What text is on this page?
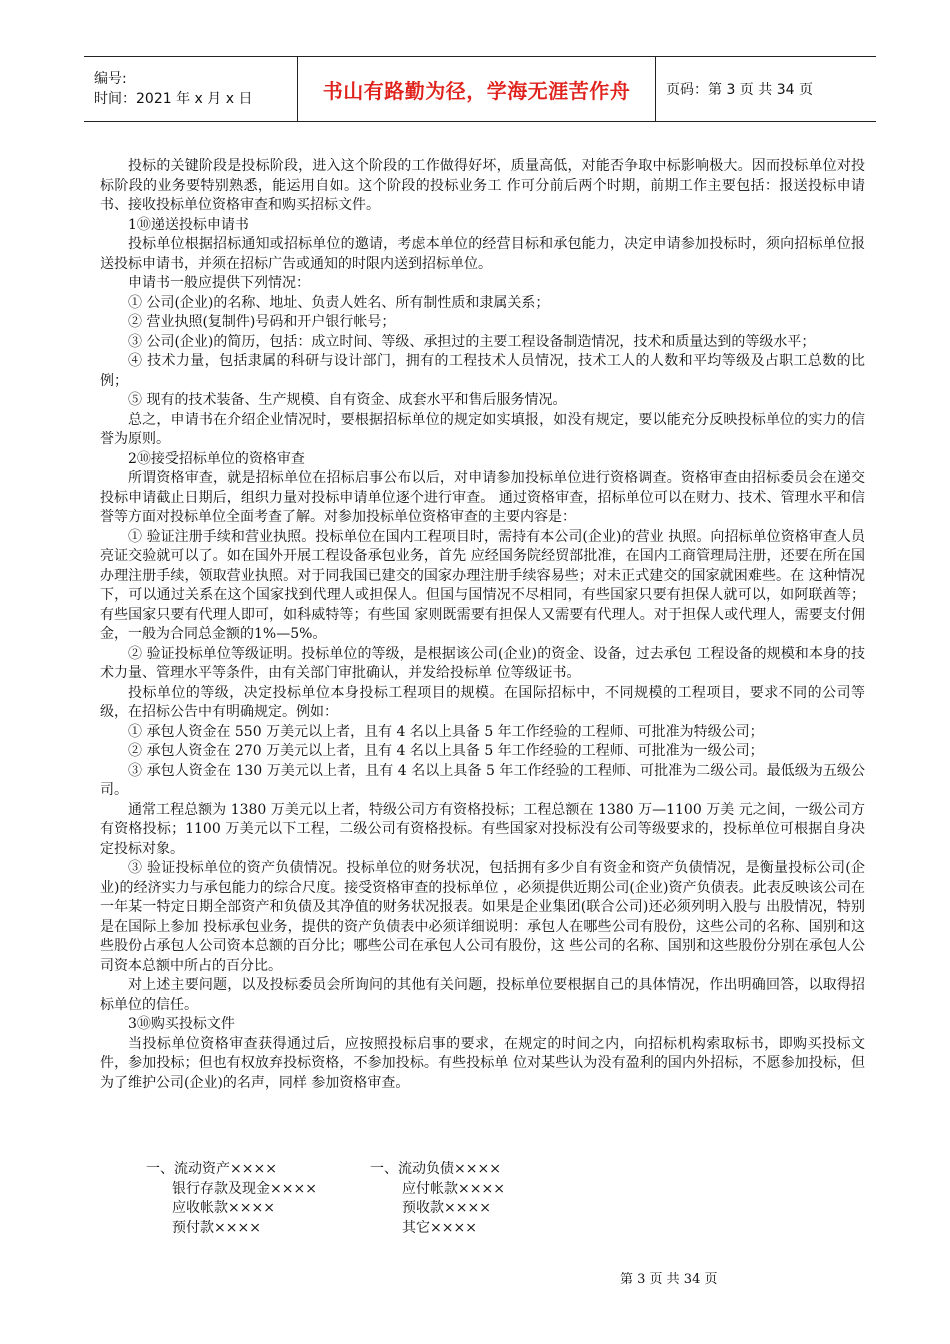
编号:
时间：2021 年 x 月 x 日	书山有路勤为径，学海无涯苦作舟	页码：第 3 页 共 34 页

投标的关键阶段是投标阶段，进入这个阶段的工作做得好坏，质量高低，对能否争取中标影响极大。因而投标单位对投标阶段的业务要特别熟悉，能运用自如。这个阶段的投标业务工 作可分前后两个时期，前期工作主要包括：报送投标申请书、接收投标单位资格审查和购买招标文件。

1⑩递送投标申请书

投标单位根据招标通知或招标单位的邀请，考虑本单位的经营目标和承包能力，决定申请参加投标时，须向招标单位报送投标申请书，并须在招标广告或通知的时限内送到招标单位。

申请书一般应提供下列情况：

① 公司(企业)的名称、地址、负责人姓名、所有制性质和隶属关系；

② 营业执照(复制件)号码和开户银行帐号；

③ 公司(企业)的简历，包括：成立时间、等级、承担过的主要工程设备制造情况，技术和质量达到的等级水平；

④ 技术力量，包括隶属的科研与设计部门，拥有的工程技术人员情况，技术工人的人数和平均等级及占职工总数的比例；

⑤ 现有的技术装备、生产规模、自有资金、成套水平和售后服务情况。

总之，申请书在介绍企业情况时，要根据招标单位的规定如实填报，如没有规定，要以能充分反映投标单位的实力的信誉为原则。

2⑩接受招标单位的资格审查

所谓资格审查，就是招标单位在招标启事公布以后，对申请参加投标单位进行资格调查。资格审查由招标委员会在递交投标申请截止日期后，组织力量对投标申请单位逐个进行审查。 通过资格审查，招标单位可以在财力、技术、管理水平和信誉等方面对投标单位全面考查了解。对参加投标单位资格审查的主要内容是：

① 验证注册手续和营业执照。投标单位在国内工程项目时，需持有本公司(企业)的营业 执照。向招标单位资格审查人员亮证交验就可以了。如在国外开展工程设备承包业务，首先 应经国务院经贸部批准，在国内工商管理局注册，还要在所在国办理注册手续，领取营业执照。对于同我国已建交的国家办理注册手续容易些；对未正式建交的国家就困难些。在 这种情况下，可以通过关系在这个国家找到代理人或担保人。但国与国情况不尽相同，有些国家只要有担保人就可以，如阿联酋等；有些国家只要有代理人即可，如科威特等；有些国 家则既需要有担保人又需要有代理人。对于担保人或代理人，需要支付佣金，一般为合同总金额的1%—5%。

② 验证投标单位等级证明。投标单位的等级，是根据该公司(企业)的资金、设备，过去承包 工程设备的规模和本身的技术力量、管理水平等条件，由有关部门审批确认，并发给投标单 位等级证书。

投标单位的等级，决定投标单位本身投标工程项目的规模。在国际招标中，不同规模的工程项目，要求不同的公司等级，在招标公告中有明确规定。例如：

① 承包人资金在 550 万美元以上者，且有 4 名以上具备 5 年工作经验的工程师、可批准为特级公司；

② 承包人资金在 270 万美元以上者，且有 4 名以上具备 5 年工作经验的工程师、可批准为一级公司；

③ 承包人资金在 130 万美元以上者，且有 4 名以上具备 5 年工作经验的工程师、可批准为二级公司。最低级为五级公司。

通常工程总额为 1380 万美元以上者，特级公司方有资格投标；工程总额在 1380 万—1100 万美 元之间，一级公司方有资格投标；1100 万美元以下工程，二级公司有资格投标。有些国家对投标没有公司等级要求的，投标单位可根据自身决定投标对象。

③ 验证投标单位的资产负债情况。投标单位的财务状况，包括拥有多少自有资金和资产负债情况，是衡量投标公司(企业)的经济实力与承包能力的综合尺度。接受资格审查的投标单位 ，必须提供近期公司(企业)资产负债表。此表反映该公司在一年某一特定日期全部资产和负债及其净值的财务状况报表。如果是企业集团(联合公司)还必须列明入股与 出股情况，特别是在国际上参加 投标承包业务，提供的资产负债表中必须详细说明：承包人在哪些公司有股份，这些公司的名称、国别和这些股份占承包人公司资本总额的百分比；哪些公司在承包人公司有股份，这 些公司的名称、国别和这些股份分别在承包人公司资本总额中所占的百分比。

对上述主要问题，以及投标委员会所询问的其他有关问题，投标单位要根据自己的具体情况，作出明确回答，以取得招标单位的信任。

3⑩购买投标文件

当投标单位资格审查获得通过后，应按照投标启事的要求，在规定的时间之内，向招标机构索取标书，即购买投标文件，参加投标；但也有权放弃投标资格，不参加投标。有些投标单 位对某些认为没有盈利的国内外招标，不愿参加投标，但为了维护公司(企业)的名声，同样 参加资格审查。

一、流动资产××××

银行存款及现金××××

应收帐款××××

预付款××××

一、流动负债××××

应付帐款××××

预收款××××

其它××××

第 3 页 共 34 页
